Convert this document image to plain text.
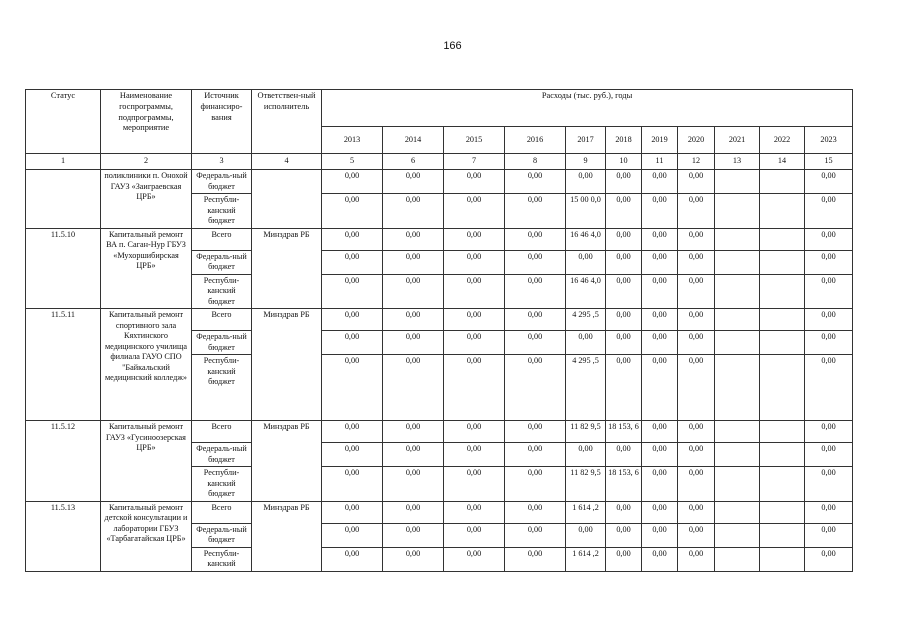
166
Статус	Наименование госпрограммы, подпрограммы, мероприятие	Источник финансиро-вания	Ответствен-ный исполнитель	Расходы (тыс. руб.), годы										
				2013	2014	2015	2016	2017	2018	2019	2020	2021	2022	2023
1	2	3	4	5	6	7	8	9	10	11	12	13	14	15
	поликлиники п. Онохой ГАУЗ «Заиграевская ЦРБ»	Федераль-ный бюджет		0,00	0,00	0,00	0,00	0,00	0,00	0,00	0,00			0,00
		Республи-канский бюджет		0,00	0,00	0,00	0,00	15 00 0,0	0,00	0,00	0,00			0,00
11.5.10	Капитальный ремонт ВА п. Саган-Нур ГБУЗ «Мухоршибирская ЦРБ»	Всего	Минздрав РБ	0,00	0,00	0,00	0,00	16 46 4,0	0,00	0,00	0,00			0,00
		Федераль-ный бюджет		0,00	0,00	0,00	0,00	0,00	0,00	0,00	0,00			0,00
		Республи-канский бюджет		0,00	0,00	0,00	0,00	16 46 4,0	0,00	0,00	0,00			0,00
11.5.11	Капитальный ремонт спортивного зала Кяхтинского медицинского училища филиала ГАУО СПО "Байкальский медицинский колледж»	Всего	Минздрав РБ	0,00	0,00	0,00	0,00	4 295 ,5	0,00	0,00	0,00			0,00
		Федераль-ный бюджет		0,00	0,00	0,00	0,00	0,00	0,00	0,00	0,00			0,00
		Республи-канский бюджет		0,00	0,00	0,00	0,00	4 295 ,5	0,00	0,00	0,00			0,00
11.5.12	Капитальный ремонт ГАУЗ «Гусиноозерская ЦРБ»	Всего	Минздрав РБ	0,00	0,00	0,00	0,00	11 82 9,5	18 153, 6	0,00	0,00			0,00
		Федераль-ный бюджет		0,00	0,00	0,00	0,00	0,00	0,00	0,00	0,00			0,00
		Республи-канский бюджет		0,00	0,00	0,00	0,00	11 82 9,5	18 153, 6	0,00	0,00			0,00
11.5.13	Капитальный ремонт детской консультации и лаборатории ГБУЗ «Тарбагатайская ЦРБ»	Всего	Минздрав РБ	0,00	0,00	0,00	0,00	1 614 ,2	0,00	0,00	0,00			0,00
		Федераль-ный бюджет		0,00	0,00	0,00	0,00	0,00	0,00	0,00	0,00			0,00
		Республи-канский		0,00	0,00	0,00	0,00	1 614 ,2	0,00	0,00	0,00			0,00
